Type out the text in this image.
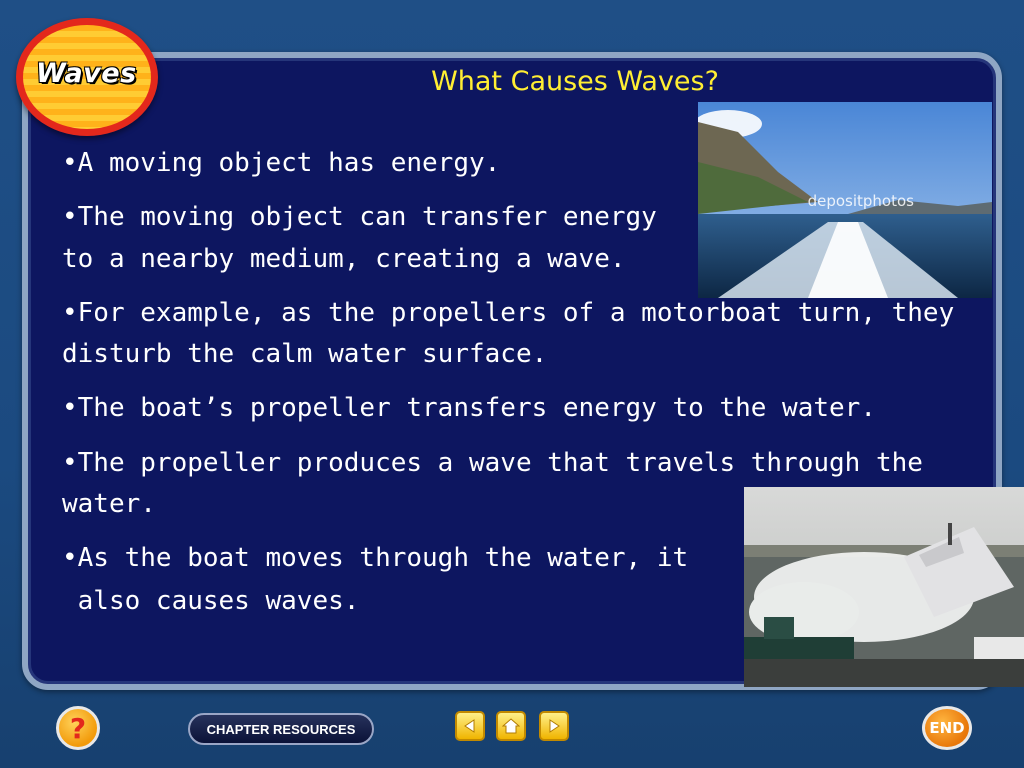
Waves	What Causes Waves?

•A moving object has energy.

•The moving object can transfer energy

to a nearby medium, creating a wave.

•For example, as the propellers of a motorboat turn, they

disturb the calm water surface.

•The boat’s propeller transfers energy to the water.

•The propeller produces a wave that travels through the

water.

•As the boat moves through the water, it

also causes waves.

depositphotos
?	CHAPTER RESOURCES	END
